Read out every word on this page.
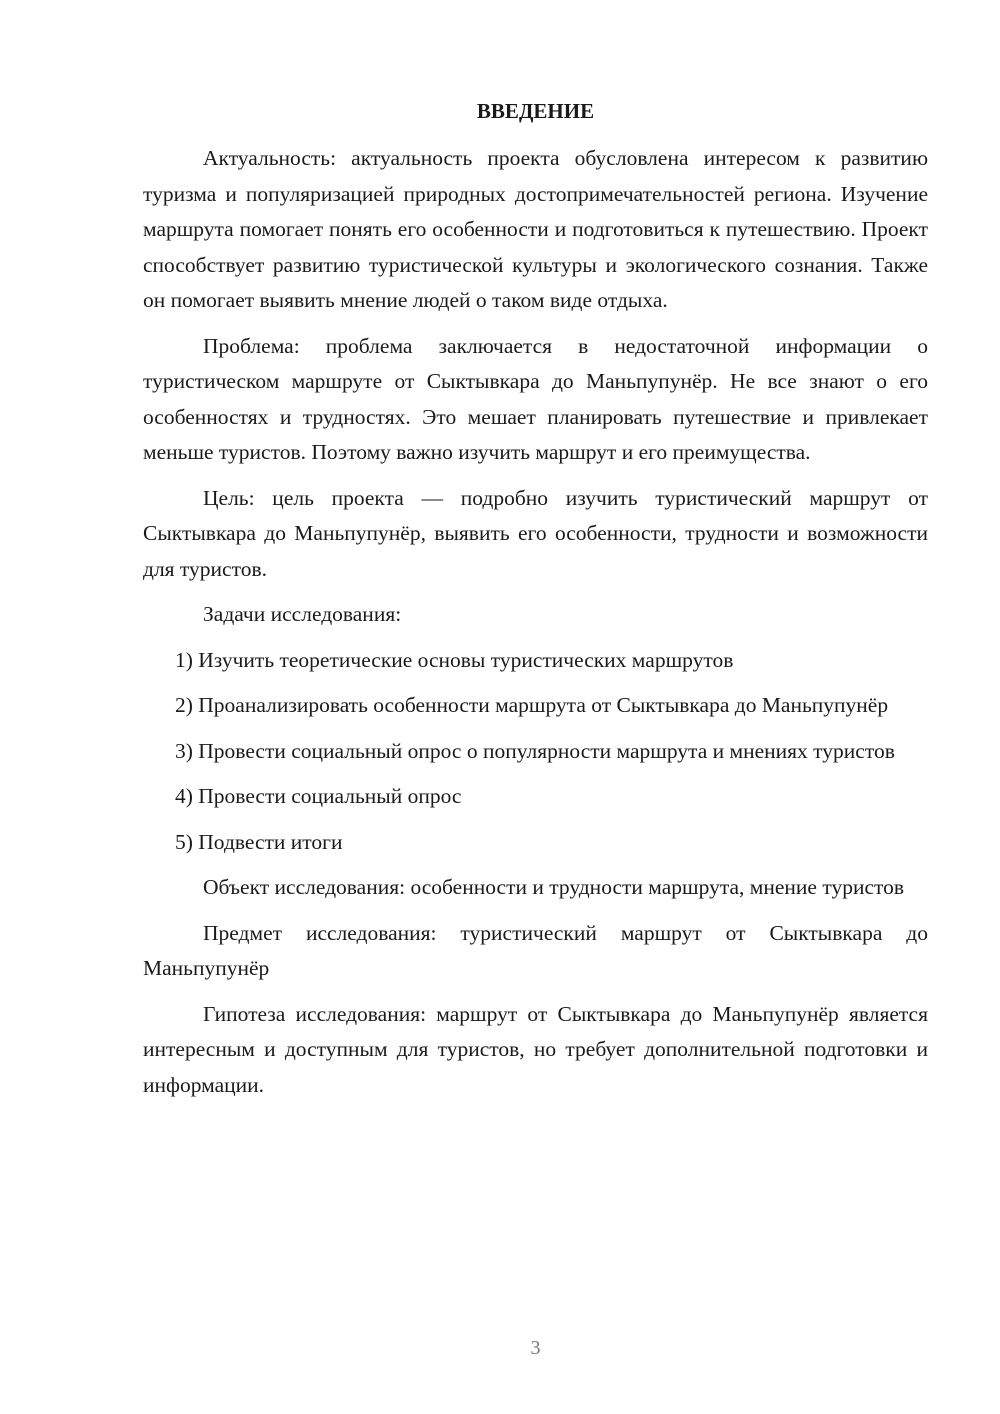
ВВЕДЕНИЕ

Актуальность: актуальность проекта обусловлена интересом к развитию туризма и популяризацией природных достопримечательностей региона. Изучение маршрута помогает понять его особенности и подготовиться к путешествию. Проект способствует развитию туристической культуры и экологического сознания. Также он помогает выявить мнение людей о таком виде отдыха.

Проблема: проблема заключается в недостаточной информации о туристическом маршруте от Сыктывкара до Маньпупунёр. Не все знают о его особенностях и трудностях. Это мешает планировать путешествие и привлекает меньше туристов. Поэтому важно изучить маршрут и его преимущества.

Цель: цель проекта — подробно изучить туристический маршрут от Сыктывкара до Маньпупунёр, выявить его особенности, трудности и возможности для туристов.

Задачи исследования:

1) Изучить теоретические основы туристических маршрутов

2) Проанализировать особенности маршрута от Сыктывкара до Маньпупунёр

3) Провести социальный опрос о популярности маршрута и мнениях туристов

4) Провести социальный опрос

5) Подвести итоги

Объект исследования: особенности и трудности маршрута, мнение туристов

Предмет исследования: туристический маршрут от Сыктывкара до Маньпупунёр

Гипотеза исследования: маршрут от Сыктывкара до Маньпупунёр является интересным и доступным для туристов, но требует дополнительной подготовки и информации.

3
